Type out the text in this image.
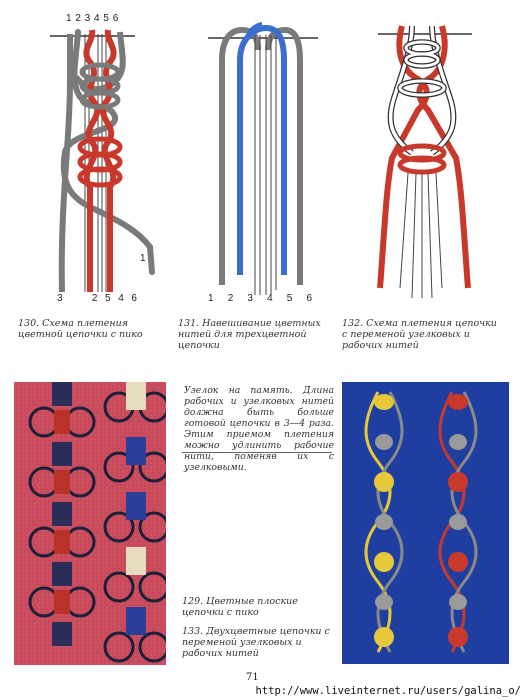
1 2 3 4 5 6
1
3	2 5 4 6
130. Схема плетения цветной цепочки с пико
1 2 3 4 5 6
131. Навешивание цветных нитей для трехцветной цепочки
132. Схема плетения цепочки с переменой узелковых и рабочих нитей
Узелок на память. Длина рабочих и узелковых нитей должна быть больше готовой цепочки в 3—4 раза. Этим приемом плетения можно удлинить рабочие нити, поменяв их с узелковыми.
129. Цветные плоские цепочки с пико
133. Двухцветные цепочки с переменой узелковых и рабочих нитей
71
http://www.liveinternet.ru/users/galina_o/
